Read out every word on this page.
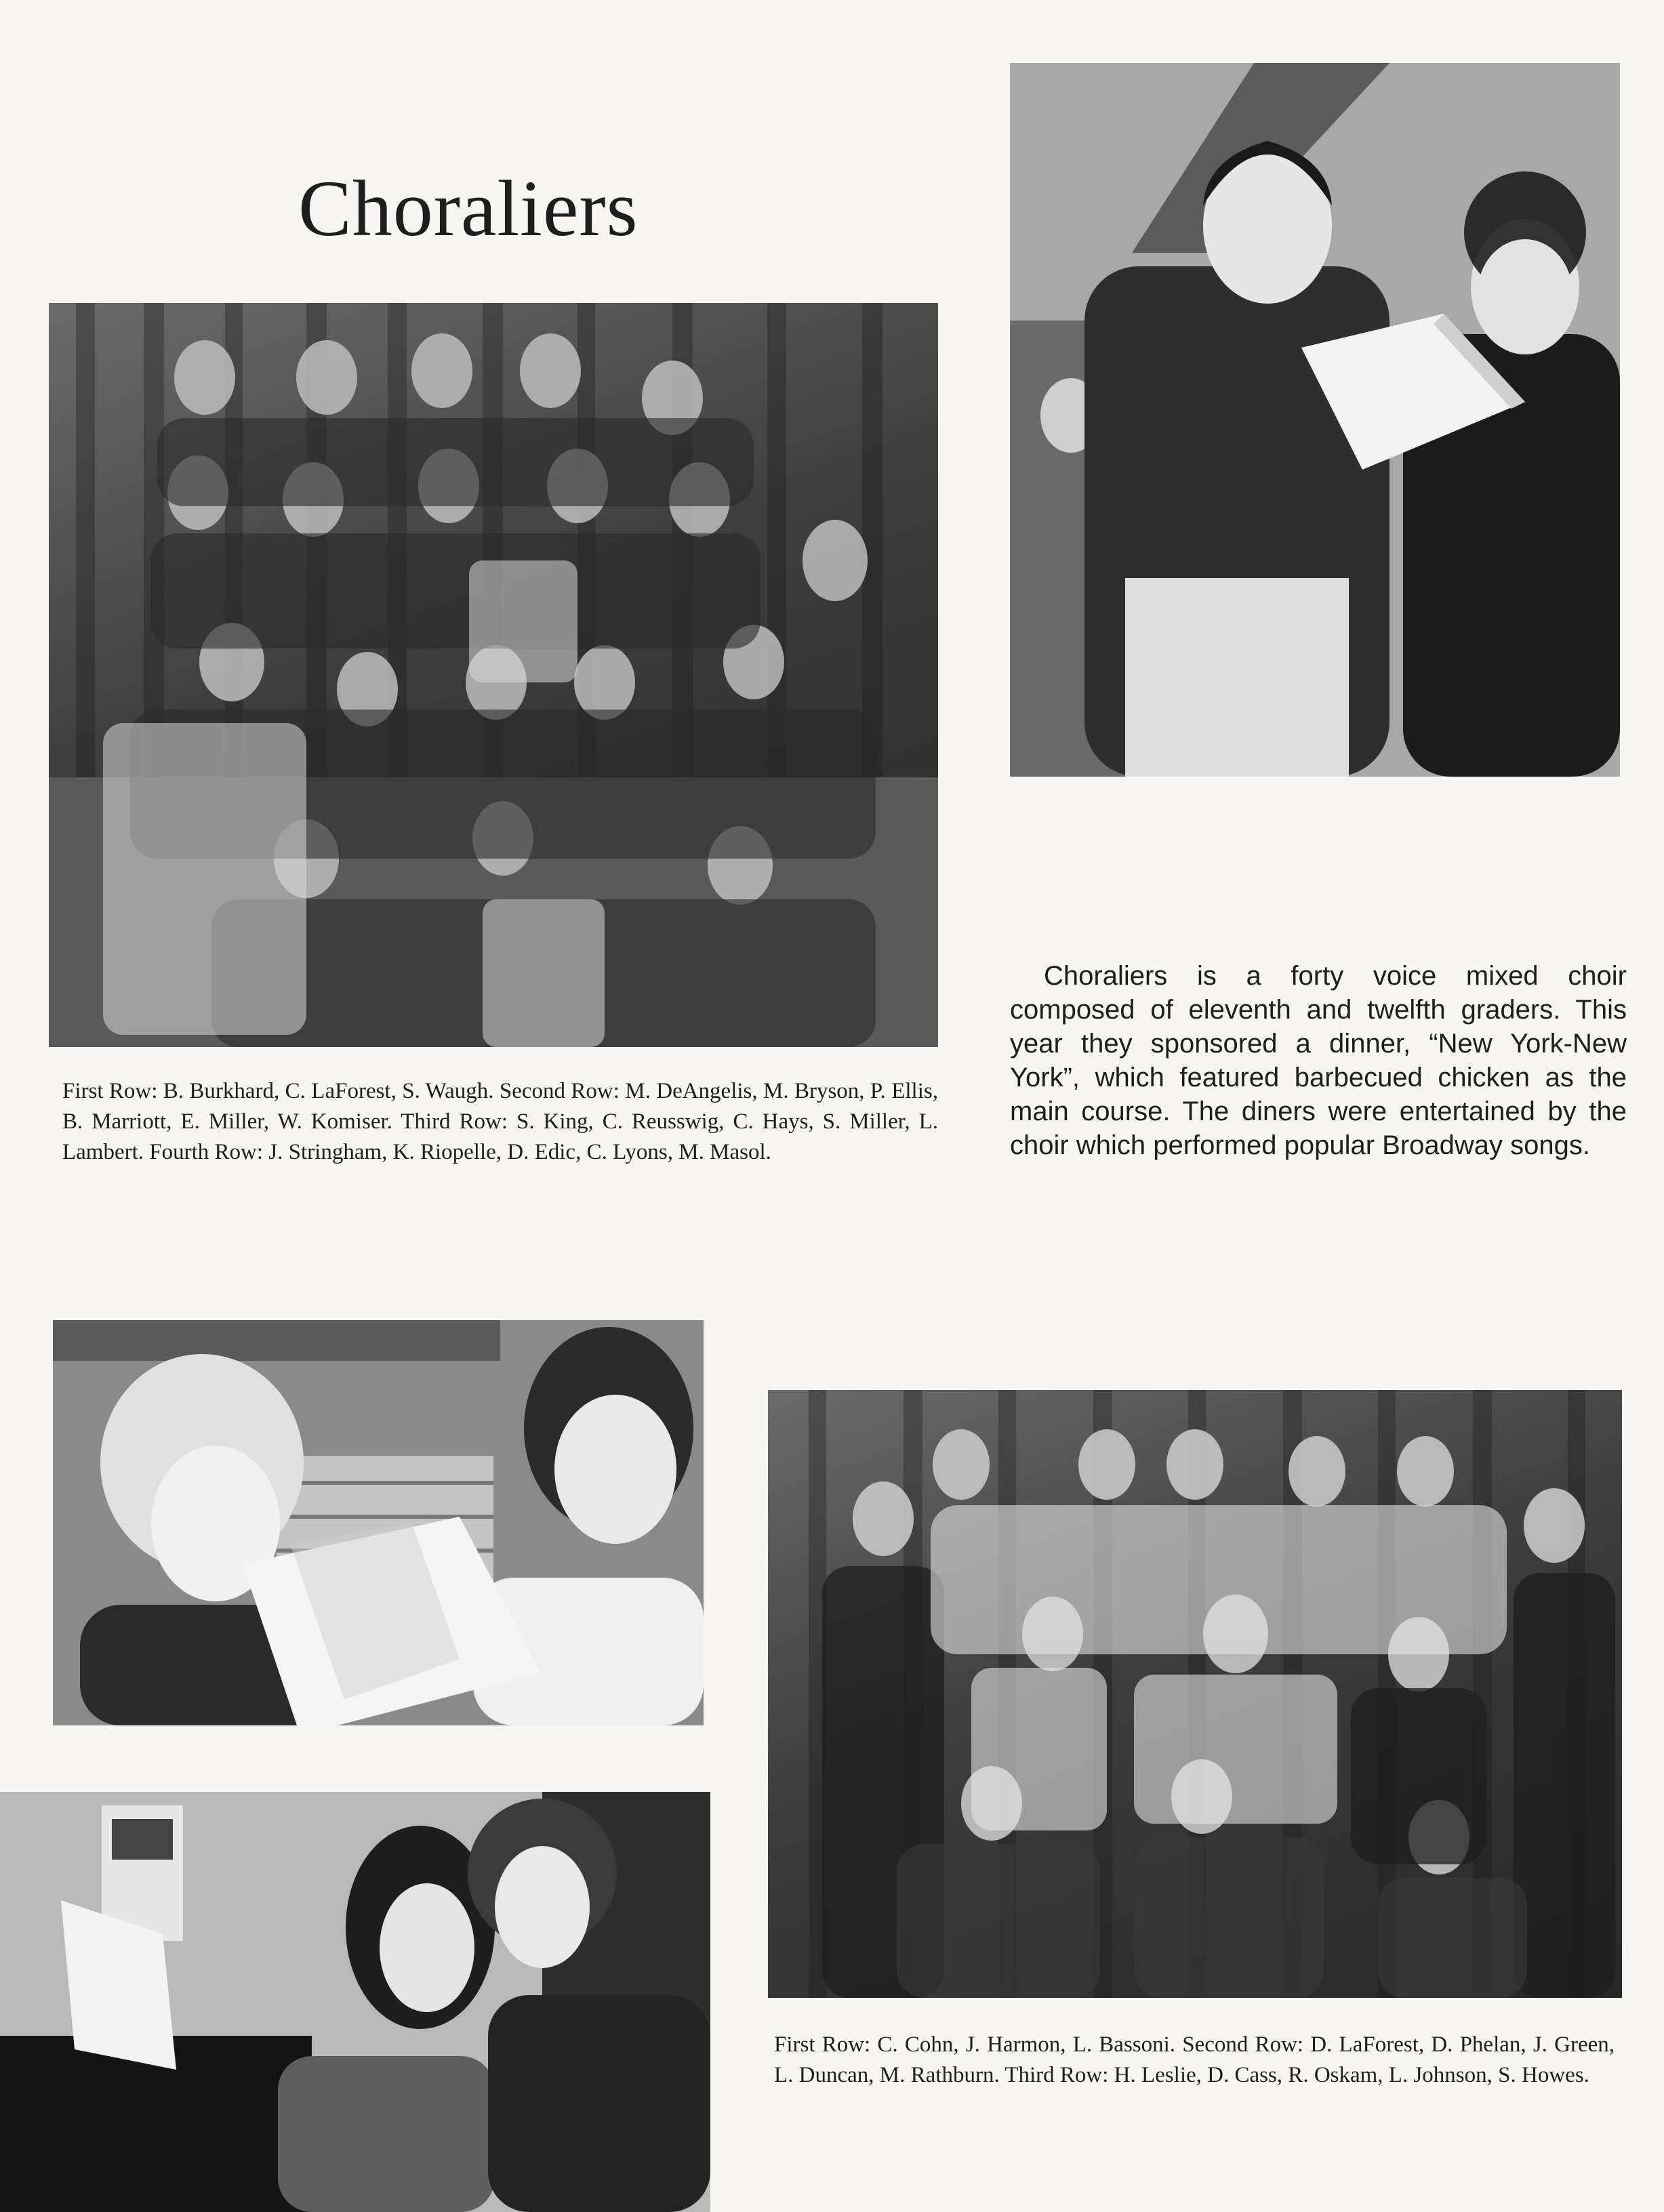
Choraliers

First Row: B. Burkhard, C. LaForest, S. Waugh. Second Row: M. DeAngelis, M. Bryson, P. Ellis, B. Marriott, E. Miller, W. Komiser. Third Row: S. King, C. Reusswig, C. Hays, S. Miller, L. Lambert. Fourth Row: J. Stringham, K. Riopelle, D. Edic, C. Lyons, M. Masol.

Choraliers is a forty voice mixed choir composed of eleventh and twelfth graders. This year they sponsored a dinner, “New York-New York”, which featured barbecued chicken as the main course. The diners were entertained by the choir which performed popular Broadway songs.

First Row: C. Cohn, J. Harmon, L. Bassoni. Second Row: D. LaForest, D. Phelan, J. Green, L. Duncan, M. Rathburn. Third Row: H. Leslie, D. Cass, R. Oskam, L. Johnson, S. Howes.
